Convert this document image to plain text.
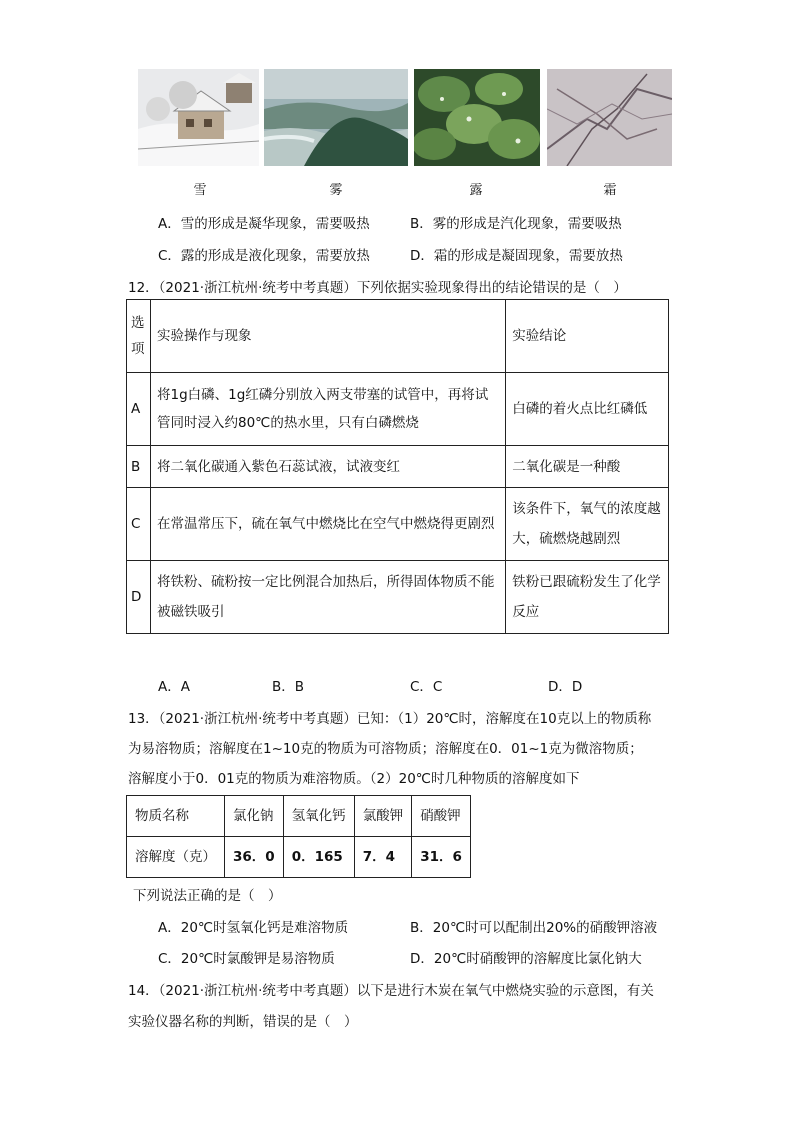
雪	雾	露	霜
A．雪的形成是凝华现象，需要吸热	B．雾的形成是汽化现象，需要吸热
C．露的形成是液化现象，需要放热	D．霜的形成是凝固现象，需要放热
12．（2021·浙江杭州·统考中考真题）下列依据实验现象得出的结论错误的是（　）
选项	实验操作与现象	实验结论
A	将1g白磷、1g红磷分别放入两支带塞的试管中，再将试管同时浸入约80℃的热水里，只有白磷燃烧	白磷的着火点比红磷低
B	将二氧化碳通入紫色石蕊试液，试液变红	二氧化碳是一种酸
C	在常温常压下，硫在氧气中燃烧比在空气中燃烧得更剧烈	该条件下，氧气的浓度越大，硫燃烧越剧烈
D	将铁粉、硫粉按一定比例混合加热后，所得固体物质不能被磁铁吸引	铁粉已跟硫粉发生了化学反应
A．A	B．B	C．C	D．D
13．（2021·浙江杭州·统考中考真题）已知：（1）20℃时，溶解度在10克以上的物质称
为易溶物质；溶解度在1~10克的物质为可溶物质；溶解度在0．01~1克为微溶物质；
溶解度小于0．01克的物质为难溶物质。（2）20℃时几种物质的溶解度如下
物质名称	氯化钠	氢氧化钙	氯酸钾	硝酸钾
溶解度（克）	36．0	0．165	7．4	31．6
下列说法正确的是（　）
A．20℃时氢氧化钙是难溶物质	B．20℃时可以配制出20%的硝酸钾溶液
C．20℃时氯酸钾是易溶物质	D．20℃时硝酸钾的溶解度比氯化钠大
14．（2021·浙江杭州·统考中考真题）以下是进行木炭在氧气中燃烧实验的示意图，有关
实验仪器名称的判断，错误的是（　）
